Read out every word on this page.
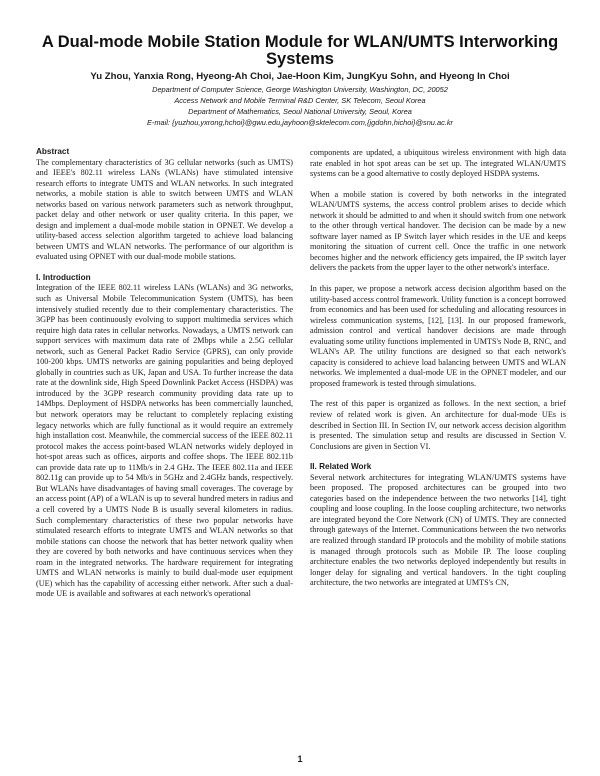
A Dual-mode Mobile Station Module for WLAN/UMTS Interworking Systems
Yu Zhou, Yanxia Rong, Hyeong-Ah Choi, Jae-Hoon Kim, JungKyu Sohn, and Hyeong In Choi
Department of Computer Science, George Washington University, Washington, DC, 20052
Access Network and Mobile Terminal R&D Center, SK Telecom, Seoul Korea
Department of Mathematics, Seoul National University, Seoul, Korea
E-mail: {yuzhou,yxrong,hchoi}@gwu.edu,jayhoon@sktelecom.com,{jgdohn,hichoi}@snu.ac.kr
Abstract

The complementary characteristics of 3G cellular networks (such as UMTS) and IEEE's 802.11 wireless LANs (WLANs) have stimulated intensive research efforts to integrate UMTS and WLAN networks. In such integrated networks, a mobile station is able to switch between UMTS and WLAN networks based on various network parameters such as network throughput, packet delay and other network or user quality criteria. In this paper, we design and implement a dual-mode mobile station in OPNET. We develop a utility-based access selection algorithm targeted to achieve load balancing between UMTS and WLAN networks. The performance of our algorithm is evaluated using OPNET with our dual-mode mobile stations.

I. Introduction

Integration of the IEEE 802.11 wireless LANs (WLANs) and 3G networks, such as Universal Mobile Telecommunication System (UMTS), has been intensively studied recently due to their complementary characteristics. The 3GPP has been continuously evolving to support multimedia services which require high data rates in cellular networks. Nowadays, a UMTS network can support services with maximum data rate of 2Mbps while a 2.5G cellular network, such as General Packet Radio Service (GPRS), can only provide 100-200 kbps. UMTS networks are gaining popularities and being deployed globally in countries such as UK, Japan and USA. To further increase the data rate at the downlink side, High Speed Downlink Packet Access (HSDPA) was introduced by the 3GPP research community providing data rate up to 14Mbps. Deployment of HSDPA networks has been commercially launched, but network operators may be reluctant to completely replacing existing legacy networks which are fully functional as it would require an extremely high installation cost. Meanwhile, the commercial success of the IEEE 802.11 protocol makes the access point-based WLAN networks widely deployed in hot-spot areas such as offices, airports and coffee shops. The IEEE 802.11b can provide data rate up to 11Mb/s in 2.4 GHz. The IEEE 802.11a and IEEE 802.11g can provide up to 54 Mb/s in 5GHz and 2.4GHz bands, respectively. But WLANs have disadvantages of having small coverages. The coverage by an access point (AP) of a WLAN is up to several hundred meters in radius and a cell covered by a UMTS Node B is usually several kilometers in radius. Such complementary characteristics of these two popular networks have stimulated research efforts to integrate UMTS and WLAN networks so that mobile stations can choose the network that has better network quality when they are covered by both networks and have continuous services when they roam in the integrated networks. The hardware requirement for integrating UMTS and WLAN networks is mainly to build dual-mode user equipment (UE) which has the capability of accessing either network. After such a dual-mode UE is available and softwares at each network's operational

components are updated, a ubiquitous wireless environment with high data rate enabled in hot spot areas can be set up. The integrated WLAN/UMTS systems can be a good alternative to costly deployed HSDPA systems.

When a mobile station is covered by both networks in the integrated WLAN/UMTS systems, the access control problem arises to decide which network it should be admitted to and when it should switch from one network to the other through vertical handover. The decision can be made by a new software layer named as IP Switch layer which resides in the UE and keeps monitoring the situation of current cell. Once the traffic in one network becomes higher and the network efficiency gets impaired, the IP switch layer delivers the packets from the upper layer to the other network's interface.

In this paper, we propose a network access decision algorithm based on the utility-based access control framework. Utility function is a concept borrowed from economics and has been used for scheduling and allocating resources in wireless communication systems, [12], [13]. In our proposed framework, admission control and vertical handover decisions are made through evaluating some utility functions implemented in UMTS's Node B, RNC, and WLAN's AP. The utility functions are designed so that each network's capacity is considered to achieve load balancing between UMTS and WLAN networks. We implemented a dual-mode UE in the OPNET modeler, and our proposed framework is tested through simulations.

The rest of this paper is organized as follows. In the next section, a brief review of related work is given. An architecture for dual-mode UEs is described in Section III. In Section IV, our network access decision algorithm is presented. The simulation setup and results are discussed in Section V. Conclusions are given in Section VI.

II. Related Work

Several network architectures for integrating WLAN/UMTS systems have been proposed. The proposed architectures can be grouped into two categories based on the independence between the two networks [14], tight coupling and loose coupling. In the loose coupling architecture, two networks are integrated beyond the Core Network (CN) of UMTS. They are connected through gateways of the Internet. Communications between the two networks are realized through standard IP protocols and the mobility of mobile stations is managed through protocols such as Mobile IP. The loose coupling architecture enables the two networks deployed independently but results in longer delay for signaling and vertical handovers. In the tight coupling architecture, the two networks are integrated at UMTS's CN,

1
